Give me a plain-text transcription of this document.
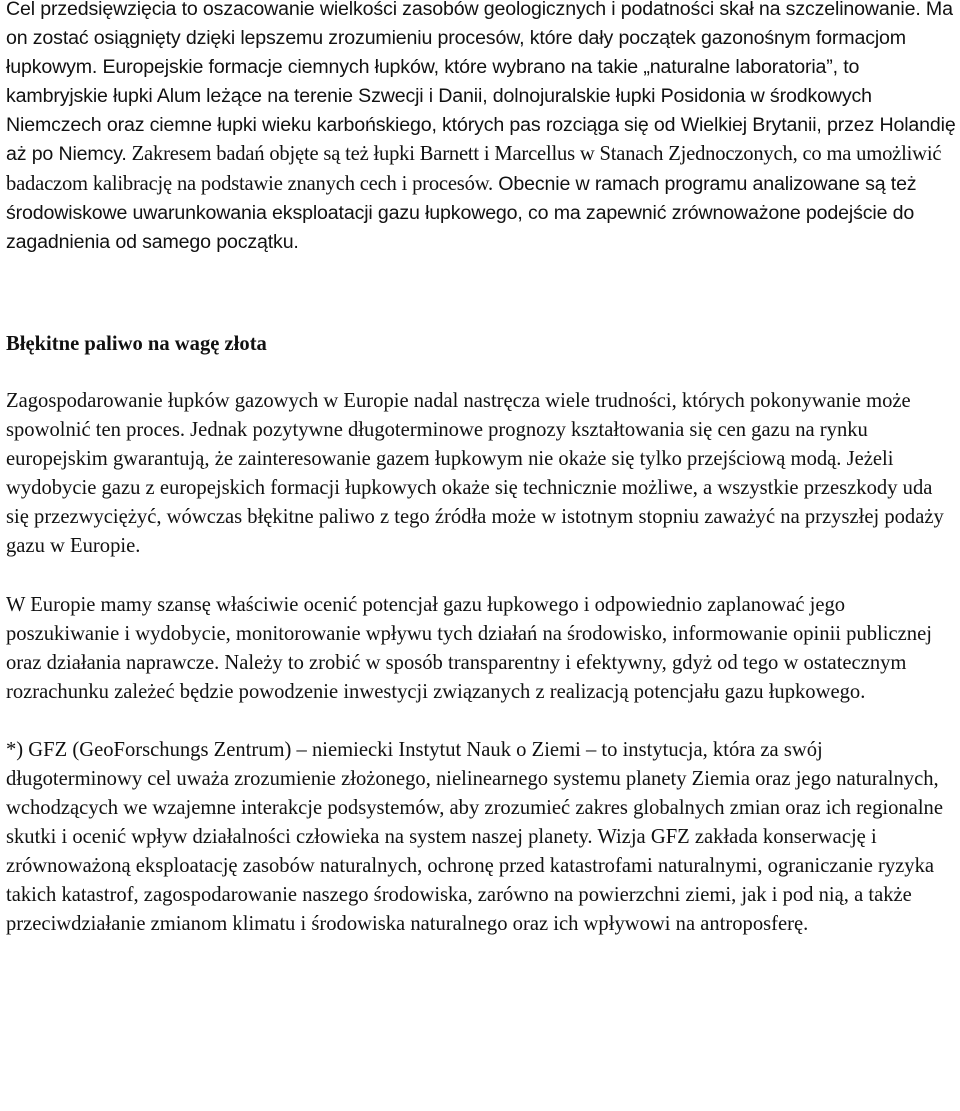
Cel przedsięwzięcia to oszacowanie wielkości zasobów geologicznych i podatności skał na szczelinowanie. Ma on zostać osiągnięty dzięki lepszemu zrozumieniu procesów, które dały początek gazonośnym formacjom łupkowym. Europejskie formacje ciemnych łupków, które wybrano na takie „naturalne laboratoria”, to kambryjskie łupki Alum leżące na terenie Szwecji i Danii, dolnojuralskie łupki Posidonia w środkowych Niemczech oraz ciemne łupki wieku karbońskiego, których pas rozciąga się od Wielkiej Brytanii, przez Holandię aż po Niemcy. Zakresem badań objęte są też łupki Barnett i Marcellus w Stanach Zjednoczonych, co ma umożliwić badaczom kalibrację na podstawie znanych cech i procesów. Obecnie w ramach programu analizowane są też środowiskowe uwarunkowania eksploatacji gazu łupkowego, co ma zapewnić zrównoważone podejście do zagadnienia od samego początku.

Błękitne paliwo na wagę złota

Zagospodarowanie łupków gazowych w Europie nadal nastręcza wiele trudności, których pokonywanie może spowolnić ten proces. Jednak pozytywne długoterminowe prognozy kształtowania się cen gazu na rynku europejskim gwarantują, że zainteresowanie gazem łupkowym nie okaże się tylko przejściową modą. Jeżeli wydobycie gazu z europejskich formacji łupkowych okaże się technicznie możliwe, a wszystkie przeszkody uda się przezwyciężyć, wówczas błękitne paliwo z tego źródła może w istotnym stopniu zaważyć na przyszłej podaży gazu w Europie.

W Europie mamy szansę właściwie ocenić potencjał gazu łupkowego i odpowiednio zaplanować jego poszukiwanie i wydobycie, monitorowanie wpływu tych działań na środowisko, informowanie opinii publicznej oraz działania naprawcze. Należy to zrobić w sposób transparentny i efektywny, gdyż od tego w ostatecznym rozrachunku zależeć będzie powodzenie inwestycji związanych z realizacją potencjału gazu łupkowego.

*) GFZ (GeoForschungs Zentrum) – niemiecki Instytut Nauk o Ziemi – to instytucja, która za swój długoterminowy cel uważa zrozumienie złożonego, nielinearnego systemu planety Ziemia oraz jego naturalnych, wchodzących we wzajemne interakcje podsystemów, aby zrozumieć zakres globalnych zmian oraz ich regionalne skutki i ocenić wpływ działalności człowieka na system naszej planety. Wizja GFZ zakłada konserwację i zrównoważoną eksploatację zasobów naturalnych, ochronę przed katastrofami naturalnymi, ograniczanie ryzyka takich katastrof, zagospodarowanie naszego środowiska, zarówno na powierzchni ziemi, jak i pod nią, a także przeciwdziałanie zmianom klimatu i środowiska naturalnego oraz ich wpływowi na antroposferę.
